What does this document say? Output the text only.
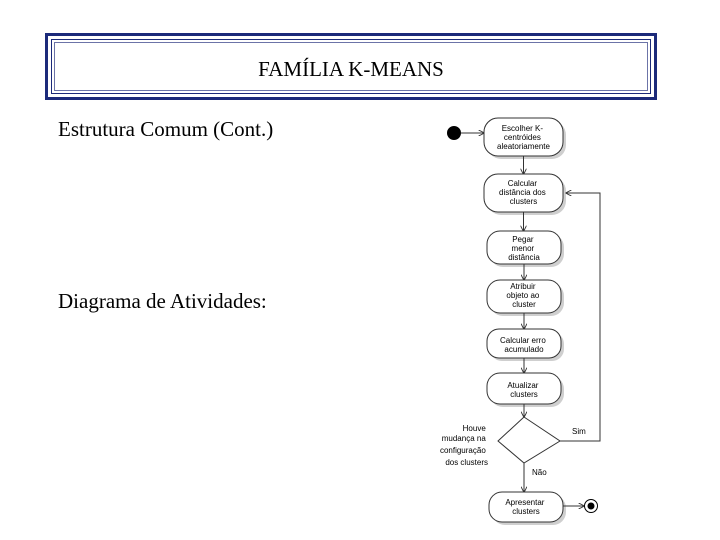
FAMÍLIA K-MEANS
Estrutura Comum (Cont.)
Diagrama de Atividades:
Escolher K- centróides aleatoriamente
Calcular distância dos clusters
Pegar menor distância
Atribuir objeto ao cluster
Calcular erro acumulado
Atualizar clusters
Houve mudança na configuração dos clusters
Sim
Não
Apresentar clusters
